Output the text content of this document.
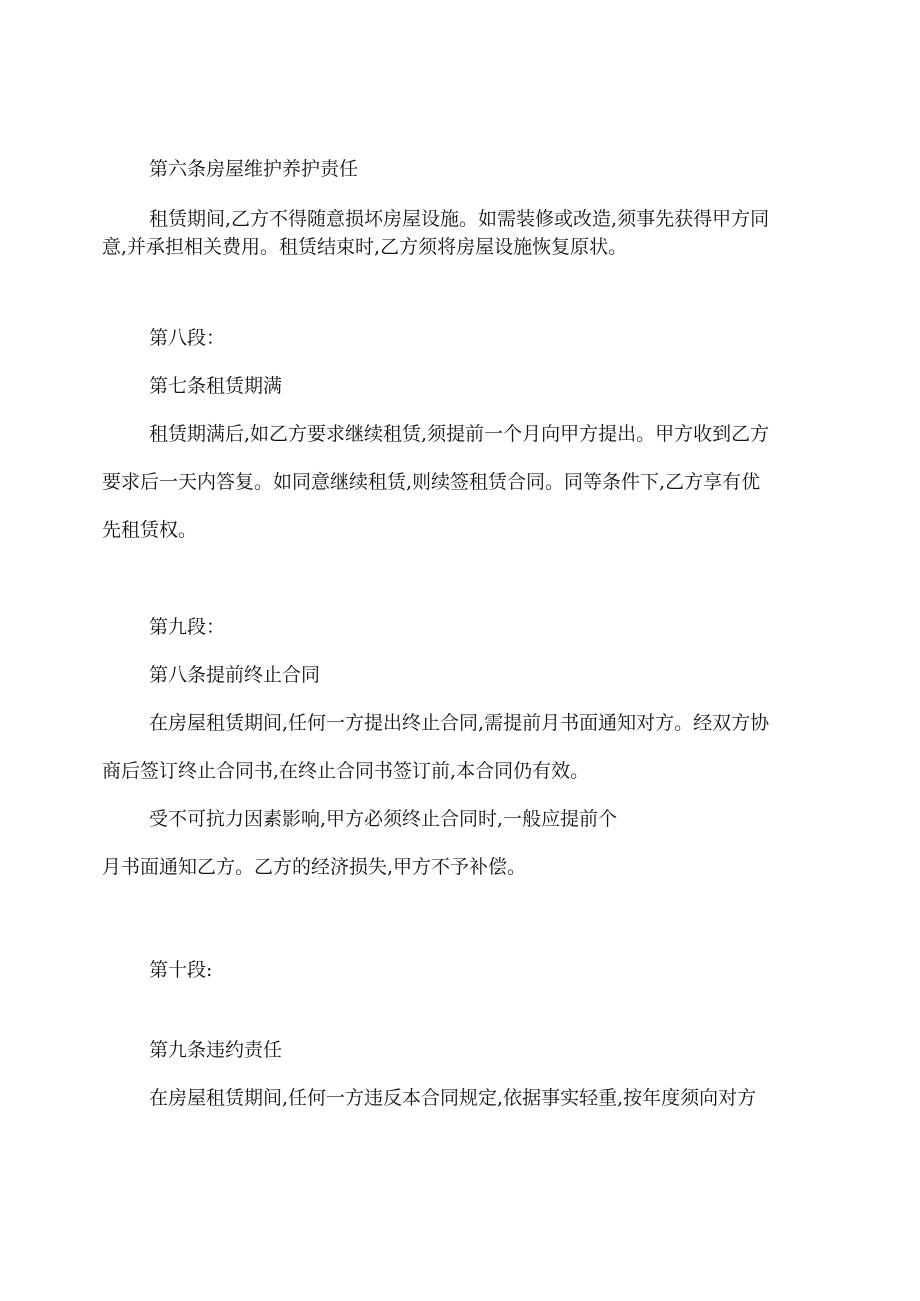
第六条房屋维护养护责任

租赁期间,乙方不得随意损坏房屋设施。如需装修或改造,须事先获得甲方同

意,并承担相关费用。租赁结束时,乙方须将房屋设施恢复原状。

第八段：

第七条租赁期满

租赁期满后,如乙方要求继续租赁,须提前一个月向甲方提出。甲方收到乙方

要求后一天内答复。如同意继续租赁,则续签租赁合同。同等条件下,乙方享有优

先租赁权。

第九段：

第八条提前终止合同

在房屋租赁期间,任何一方提出终止合同,需提前月书面通知对方。经双方协

商后签订终止合同书,在终止合同书签订前,本合同仍有效。

受不可抗力因素影响,甲方必须终止合同时,一般应提前个

月书面通知乙方。乙方的经济损失,甲方不予补偿。

第十段:

第九条违约责任

在房屋租赁期间,任何一方违反本合同规定,依据事实轻重,按年度须向对方
